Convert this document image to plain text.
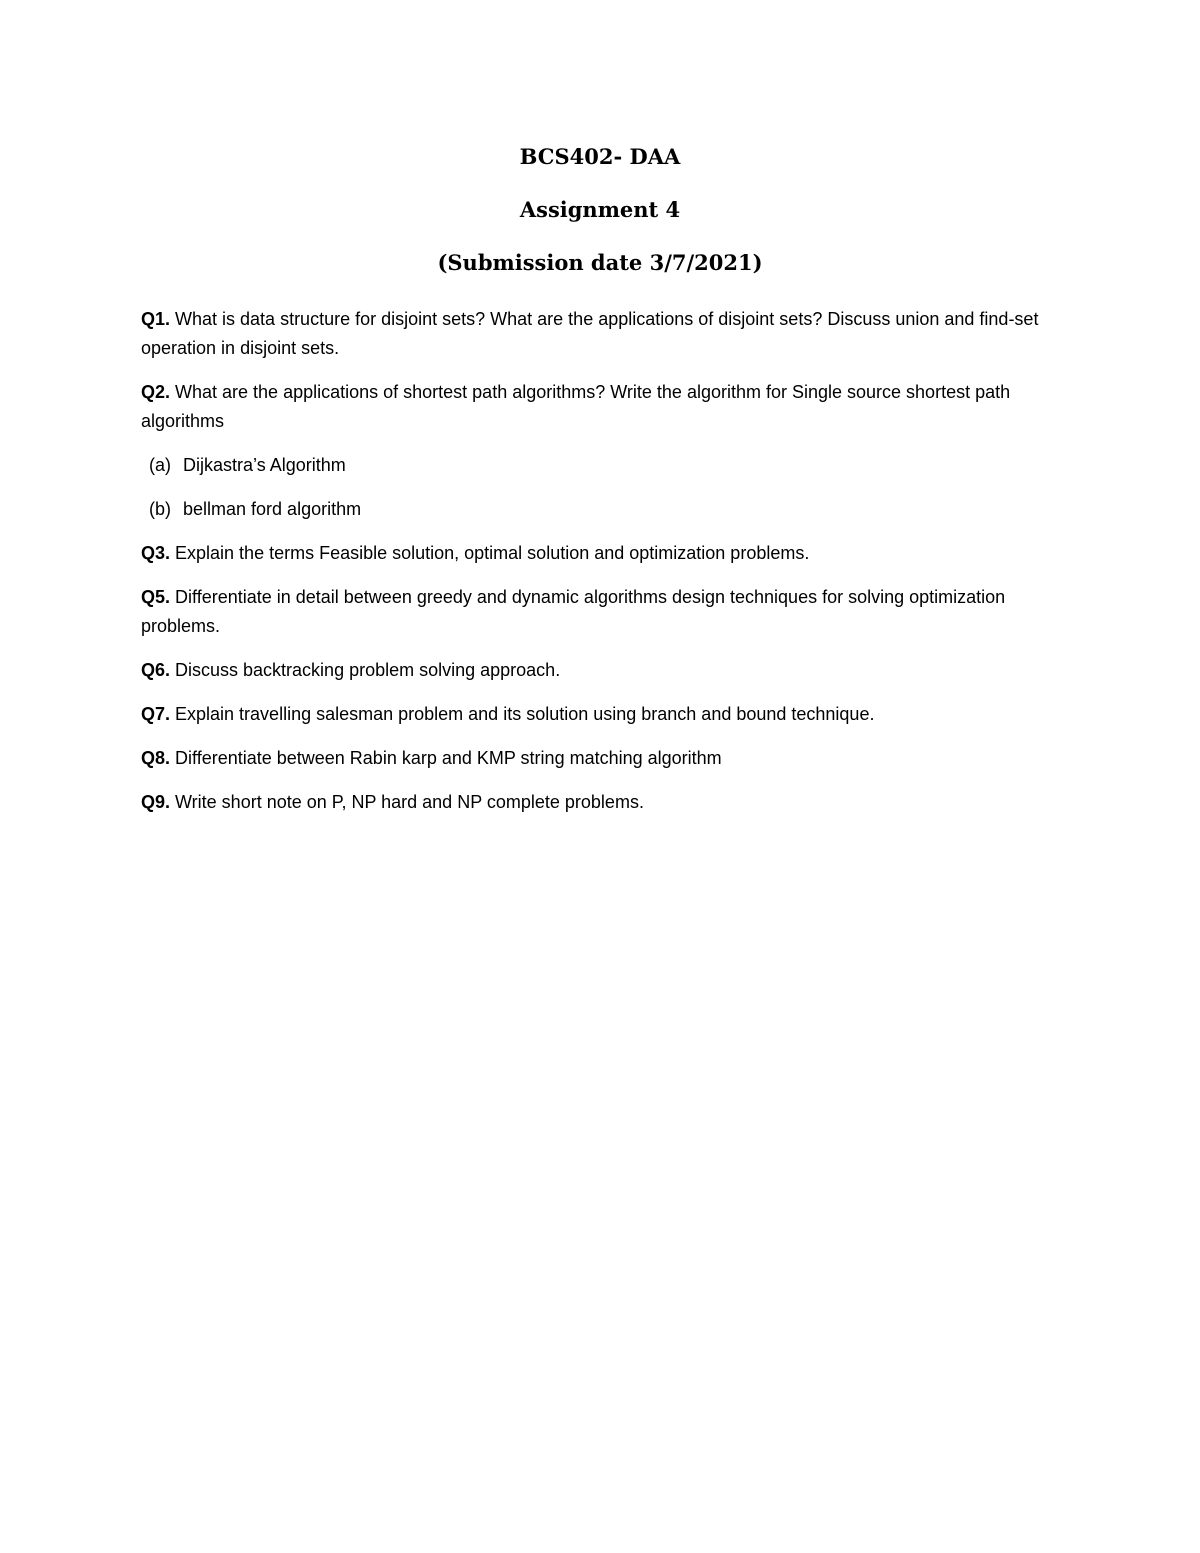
BCS402- DAA

Assignment 4

(Submission date 3/7/2021)

Q1. What is data structure for disjoint sets? What are the applications of disjoint sets? Discuss union and find-set operation in disjoint sets.

Q2. What are the applications of shortest path algorithms? Write the algorithm for Single source shortest path algorithms

(a) Dijkastra’s Algorithm

(b) bellman ford algorithm

Q3. Explain the terms Feasible solution, optimal solution and optimization problems.

Q5. Differentiate in detail between greedy and dynamic algorithms design techniques for solving optimization problems.

Q6. Discuss backtracking problem solving approach.

Q7. Explain travelling salesman problem and its solution using branch and bound technique.

Q8. Differentiate between Rabin karp and KMP string matching algorithm

Q9. Write short note on P, NP hard and NP complete problems.
